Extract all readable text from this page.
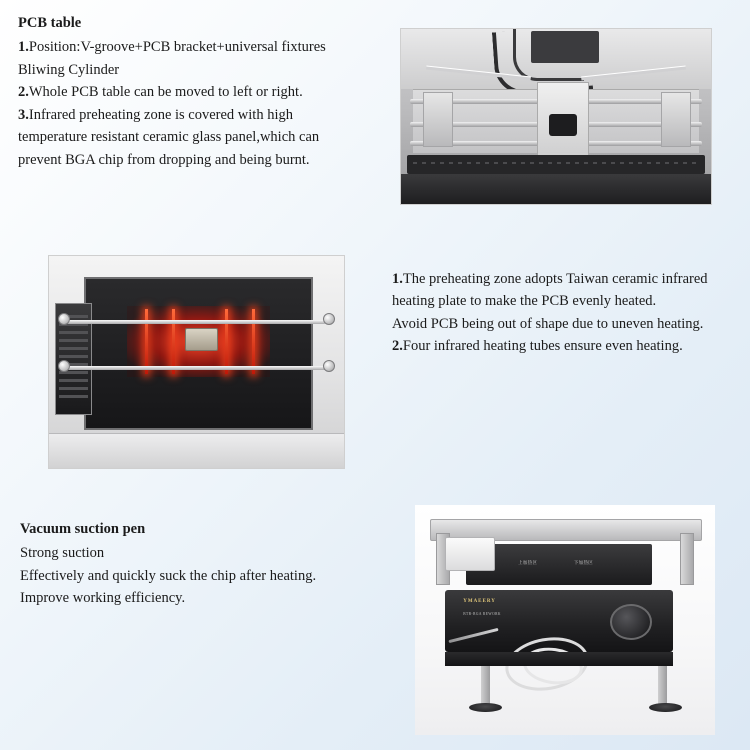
PCB table

1.Position:V-groove+PCB bracket+universal fixtures

Bliwing Cylinder

2.Whole PCB table can be moved to left or right.

3.Infrared preheating zone is covered with high temperature resistant ceramic glass panel,which can prevent BGA chip from dropping and being burnt.

1.The preheating zone adopts Taiwan ceramic infrared heating plate to make the PCB evenly heated.

Avoid PCB being out of shape due to uneven heating.

2.Four infrared heating tubes ensure even heating.

Vacuum suction pen

Strong suction

Effectively and quickly suck the chip after heating.

Improve working efficiency.

上加热区	下加热区
YMAEERY
BTB-BGA REWORK
